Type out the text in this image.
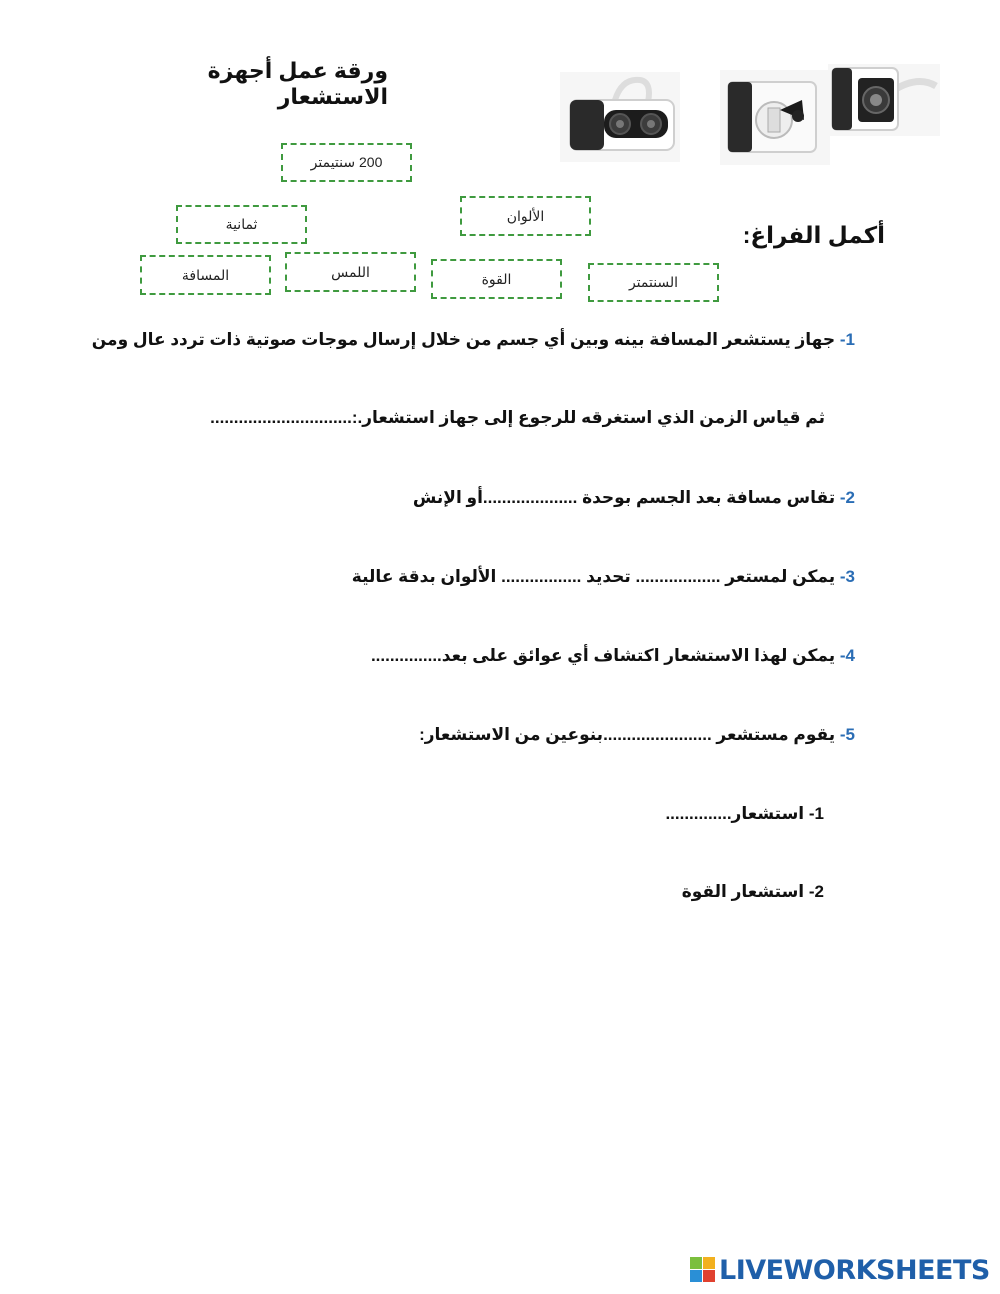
ورقة عمل أجهزة الاستشعار
200 سنتيمتر
ثمانية
الألوان
المسافة	اللمس	القوة	السنتمتر
أكمل الفراغ:
1- جهاز يستشعر المسافة بينه وبين أي جسم من خلال إرسال موجات صوتية ذات تردد عال ومن
ثم قياس الزمن الذي استغرقه للرجوع إلى جهاز استشعار.:..............................
2- تقاس مسافة بعد الجسم بوحدة ....................أو الإنش
3- يمكن لمستعر .................. تحديد ................. الألوان بدقة عالية
4- يمكن لهذا الاستشعار اكتشاف أي عوائق على بعد...............
5- يقوم مستشعر .......................بنوعين من الاستشعار:
1- استشعار..............
2- استشعار القوة
LIVEWORKSHEETS
